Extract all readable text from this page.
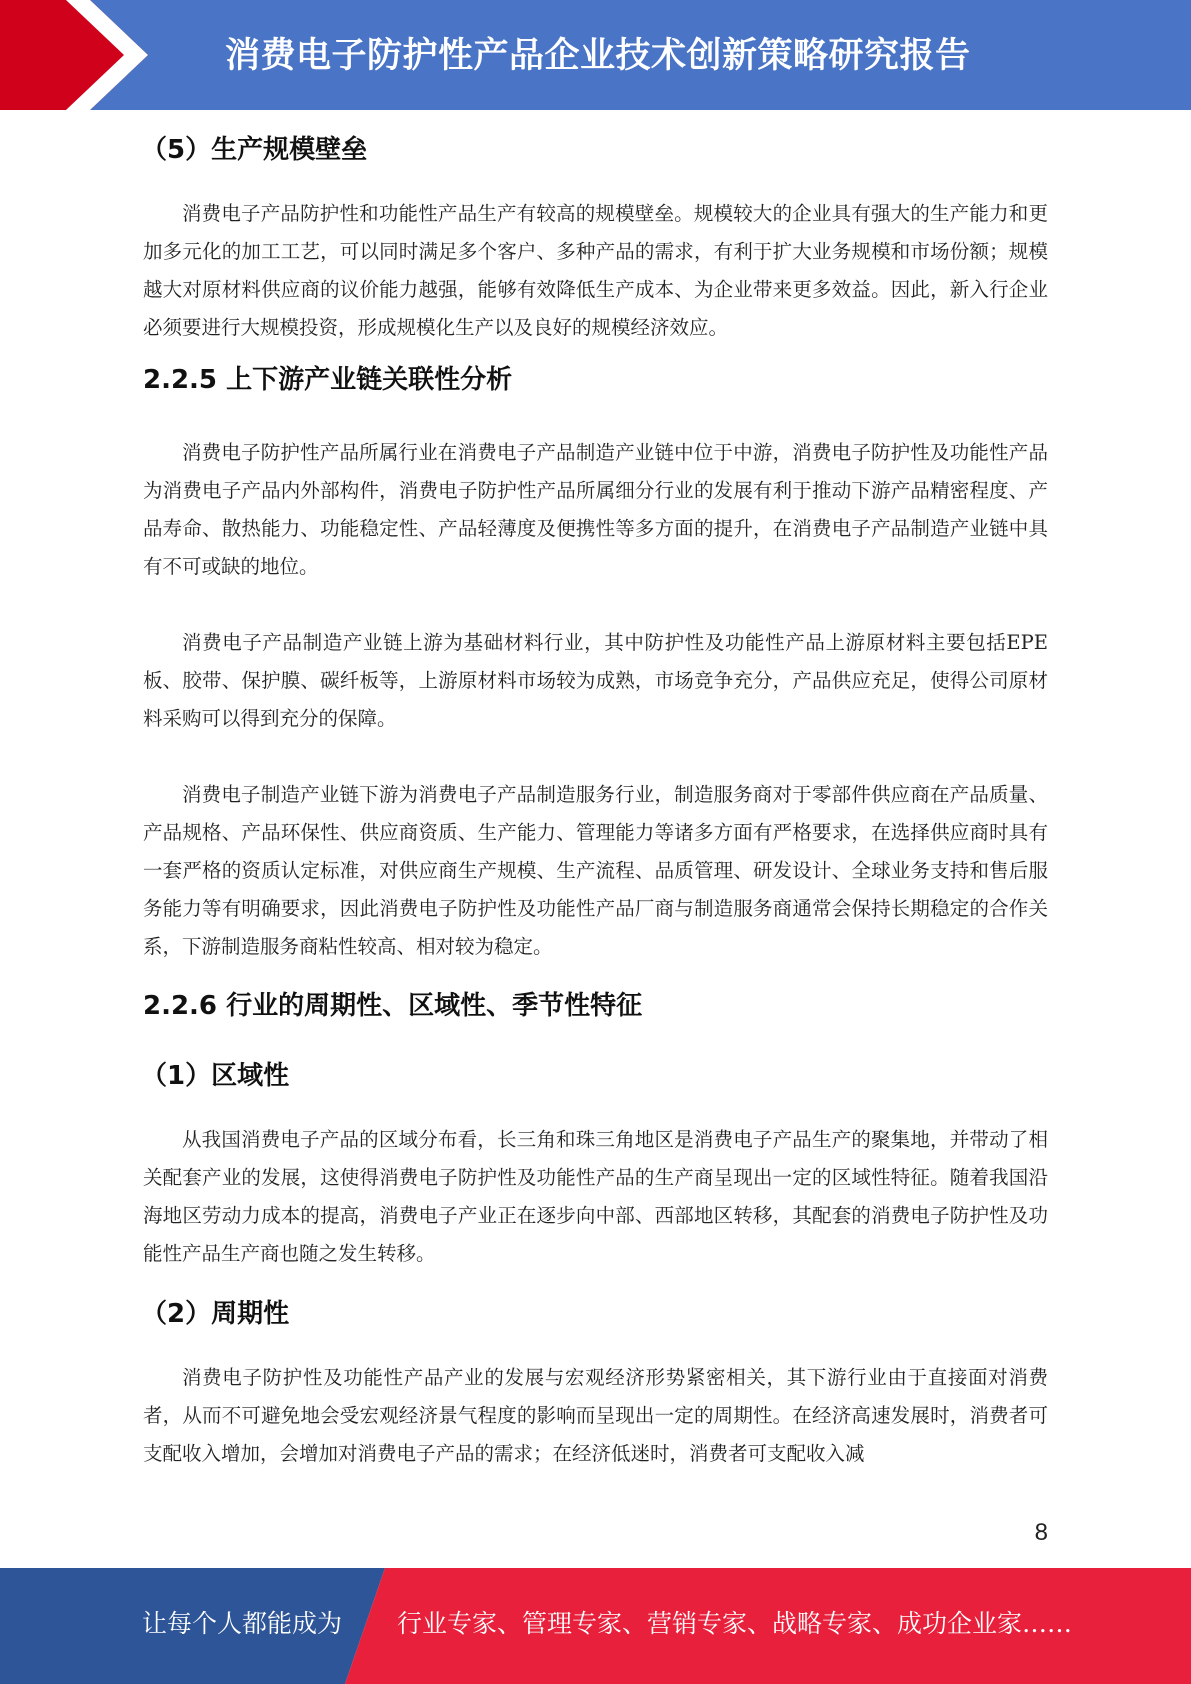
消费电子防护性产品企业技术创新策略研究报告
（5）生产规模壁垒

消费电子产品防护性和功能性产品生产有较高的规模壁垒。规模较大的企业具有强大的生产能力和更加多元化的加工工艺，可以同时满足多个客户、多种产品的需求，有利于扩大业务规模和市场份额；规模越大对原材料供应商的议价能力越强，能够有效降低生产成本、为企业带来更多效益。因此，新入行企业必须要进行大规模投资，形成规模化生产以及良好的规模经济效应。

2.2.5 上下游产业链关联性分析

消费电子防护性产品所属行业在消费电子产品制造产业链中位于中游，消费电子防护性及功能性产品为消费电子产品内外部构件，消费电子防护性产品所属细分行业的发展有利于推动下游产品精密程度、产品寿命、散热能力、功能稳定性、产品轻薄度及便携性等多方面的提升，在消费电子产品制造产业链中具有不可或缺的地位。

消费电子产品制造产业链上游为基础材料行业，其中防护性及功能性产品上游原材料主要包括EPE板、胶带、保护膜、碳纤板等，上游原材料市场较为成熟，市场竞争充分，产品供应充足，使得公司原材料采购可以得到充分的保障。

消费电子制造产业链下游为消费电子产品制造服务行业，制造服务商对于零部件供应商在产品质量、产品规格、产品环保性、供应商资质、生产能力、管理能力等诸多方面有严格要求，在选择供应商时具有一套严格的资质认定标准，对供应商生产规模、生产流程、品质管理、研发设计、全球业务支持和售后服务能力等有明确要求，因此消费电子防护性及功能性产品厂商与制造服务商通常会保持长期稳定的合作关系，下游制造服务商粘性较高、相对较为稳定。

2.2.6 行业的周期性、区域性、季节性特征
（1）区域性

从我国消费电子产品的区域分布看，长三角和珠三角地区是消费电子产品生产的聚集地，并带动了相关配套产业的发展，这使得消费电子防护性及功能性产品的生产商呈现出一定的区域性特征。随着我国沿海地区劳动力成本的提高，消费电子产业正在逐步向中部、西部地区转移，其配套的消费电子防护性及功能性产品生产商也随之发生转移。

（2）周期性

消费电子防护性及功能性产品产业的发展与宏观经济形势紧密相关，其下游行业由于直接面对消费者，从而不可避免地会受宏观经济景气程度的影响而呈现出一定的周期性。在经济高速发展时，消费者可支配收入增加，会增加对消费电子产品的需求；在经济低迷时，消费者可支配收入减

8
让每个人都能成为 行业专家、管理专家、营销专家、战略专家、成功企业家……
